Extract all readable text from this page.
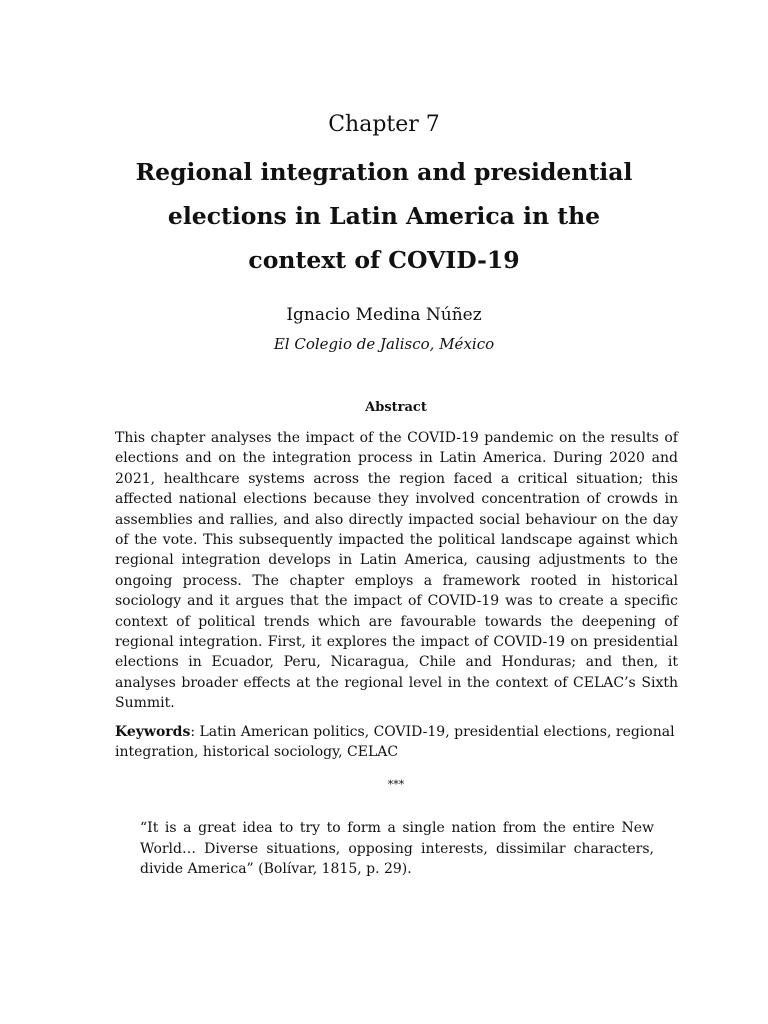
Chapter 7
Regional integration and presidential
elections in Latin America in the
context of COVID-19

Ignacio Medina Núñez

El Colegio de Jalisco, México

Abstract

This chapter analyses the impact of the COVID-19 pandemic on the results of elections and on the integration process in Latin America. During 2020 and 2021, healthcare systems across the region faced a critical situation; this affected national elections because they involved concentration of crowds in assemblies and rallies, and also directly impacted social behaviour on the day of the vote. This subsequently impacted the political landscape against which regional integration develops in Latin America, causing adjustments to the ongoing process. The chapter employs a framework rooted in historical sociology and it argues that the impact of COVID-19 was to create a specific context of political trends which are favourable towards the deepening of regional integration. First, it explores the impact of COVID-19 on presidential elections in Ecuador, Peru, Nicaragua, Chile and Honduras; and then, it analyses broader effects at the regional level in the context of CELAC’s Sixth Summit.

Keywords: Latin American politics, COVID-19, presidential elections, regional integration, historical sociology, CELAC

***

“It is a great idea to try to form a single nation from the entire New World… Diverse situations, opposing interests, dissimilar characters, divide America” (Bolívar, 1815, p. 29).
